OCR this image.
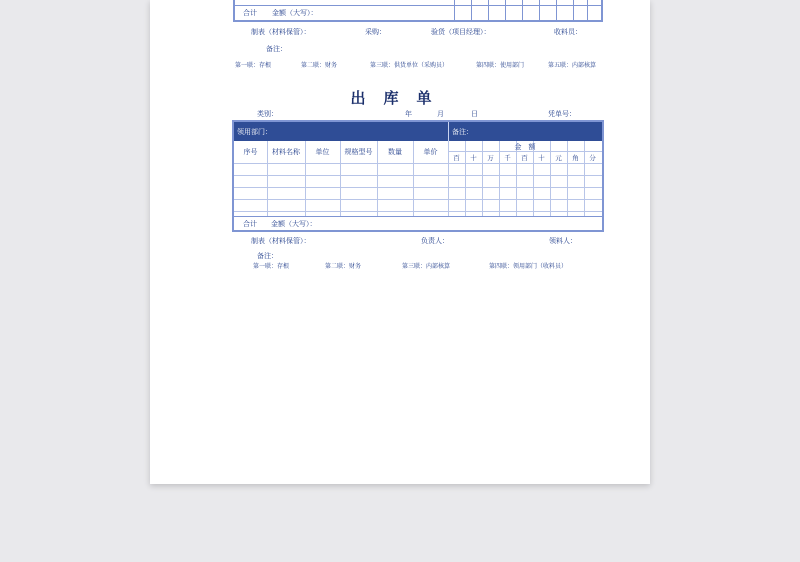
合计 金额（大写）：
制表（材料保管）：	采购：	验货（项目经理）：	收料员：
备注：
第一联：存根	第二联：财务	第三联：供货单位（采购员）	第四联：使用部门	第五联：内部核算
出库单
类别：	年	月	日	凭单号：
领用部门：	备注：
序号	材料名称	单位	规格型号	数量	单价
金　额
百	十	万	千	百	十	元	角	分
合计 金额（大写）：
制表（材料保管）：	负责人：	领料人：
备注：
第一联：存根	第二联：财务	第三联：内部核算	第四联：领用部门（收料员）
